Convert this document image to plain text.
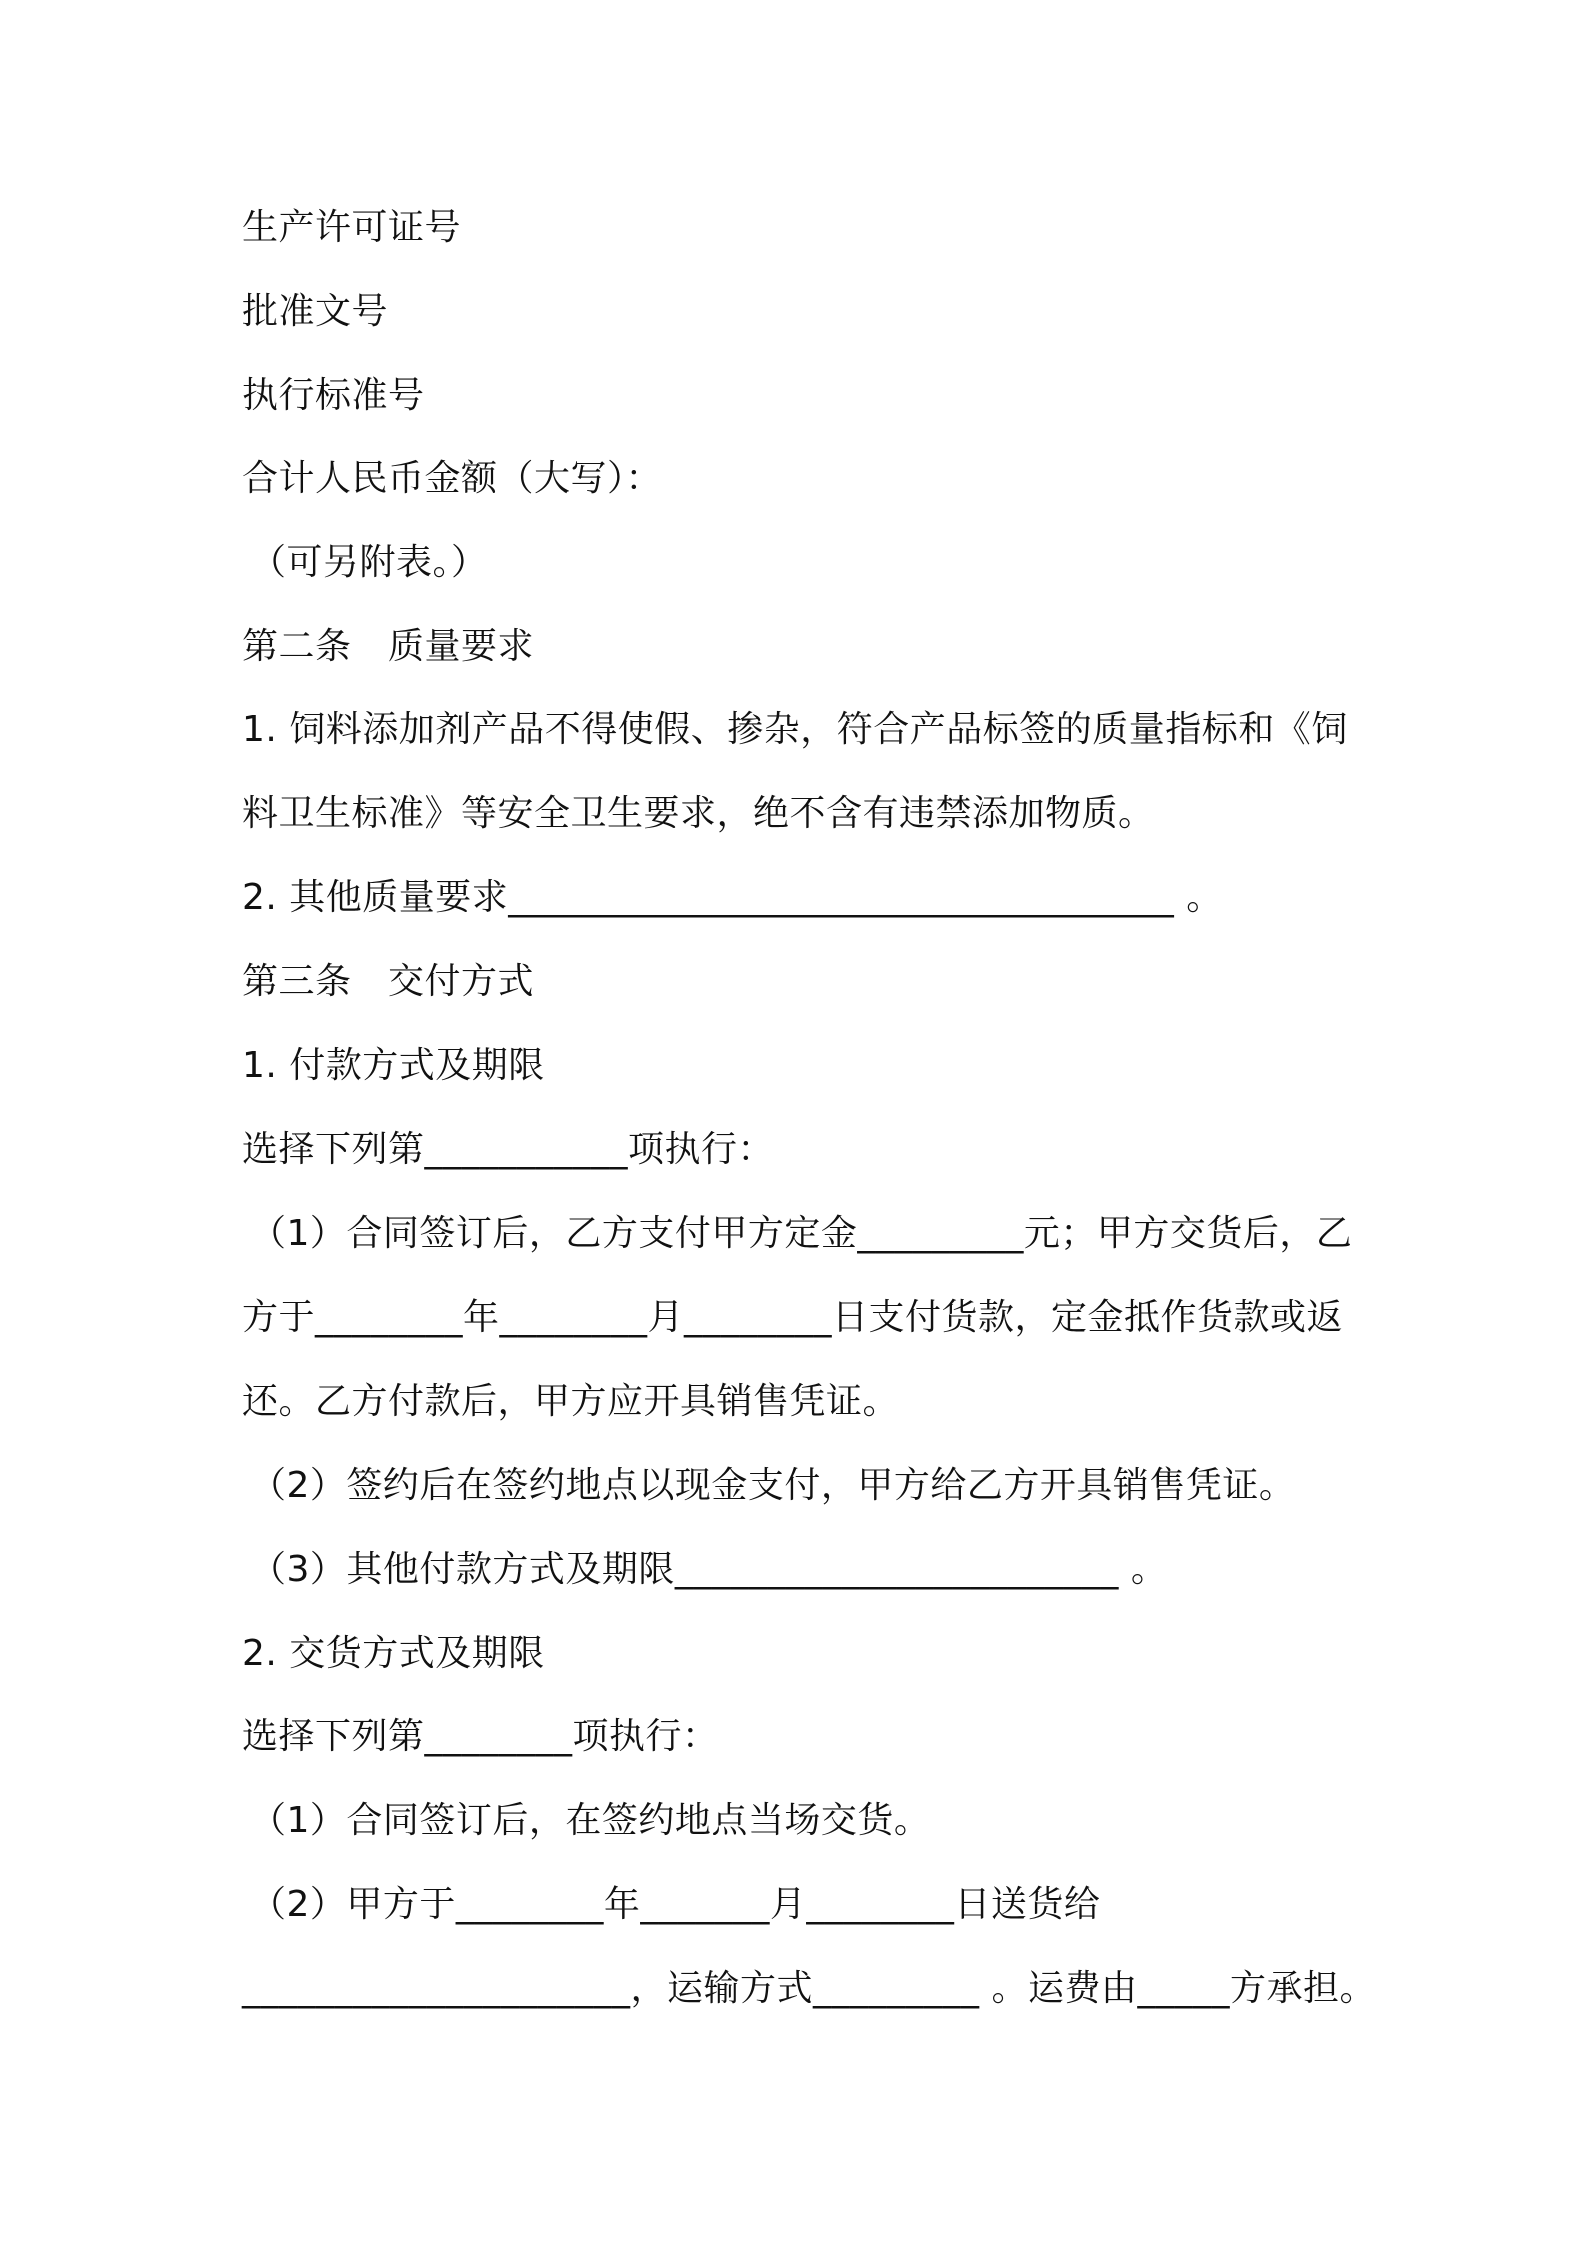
生产许可证号
批准文号
执行标准号
合计人民币金额（大写）：
（可另附表。）
第二条　质量要求
1. 饲料添加剂产品不得使假、掺杂，符合产品标签的质量指标和《饲
料卫生标准》等安全卫生要求，绝不含有违禁添加物质。
2. 其他质量要求____________________________________ 。
第三条　交付方式
1. 付款方式及期限
选择下列第___________项执行：
（1）合同签订后，乙方支付甲方定金_________元；甲方交货后，乙
方于________年________月________日支付货款，定金抵作货款或返
还。乙方付款后，甲方应开具销售凭证。
（2）签约后在签约地点以现金支付，甲方给乙方开具销售凭证。
（3）其他付款方式及期限________________________ 。
2. 交货方式及期限
选择下列第________项执行：
（1）合同签订后，在签约地点当场交货。
（2）甲方于________年_______月________日送货给
_____________________，运输方式_________ 。运费由_____方承担。
